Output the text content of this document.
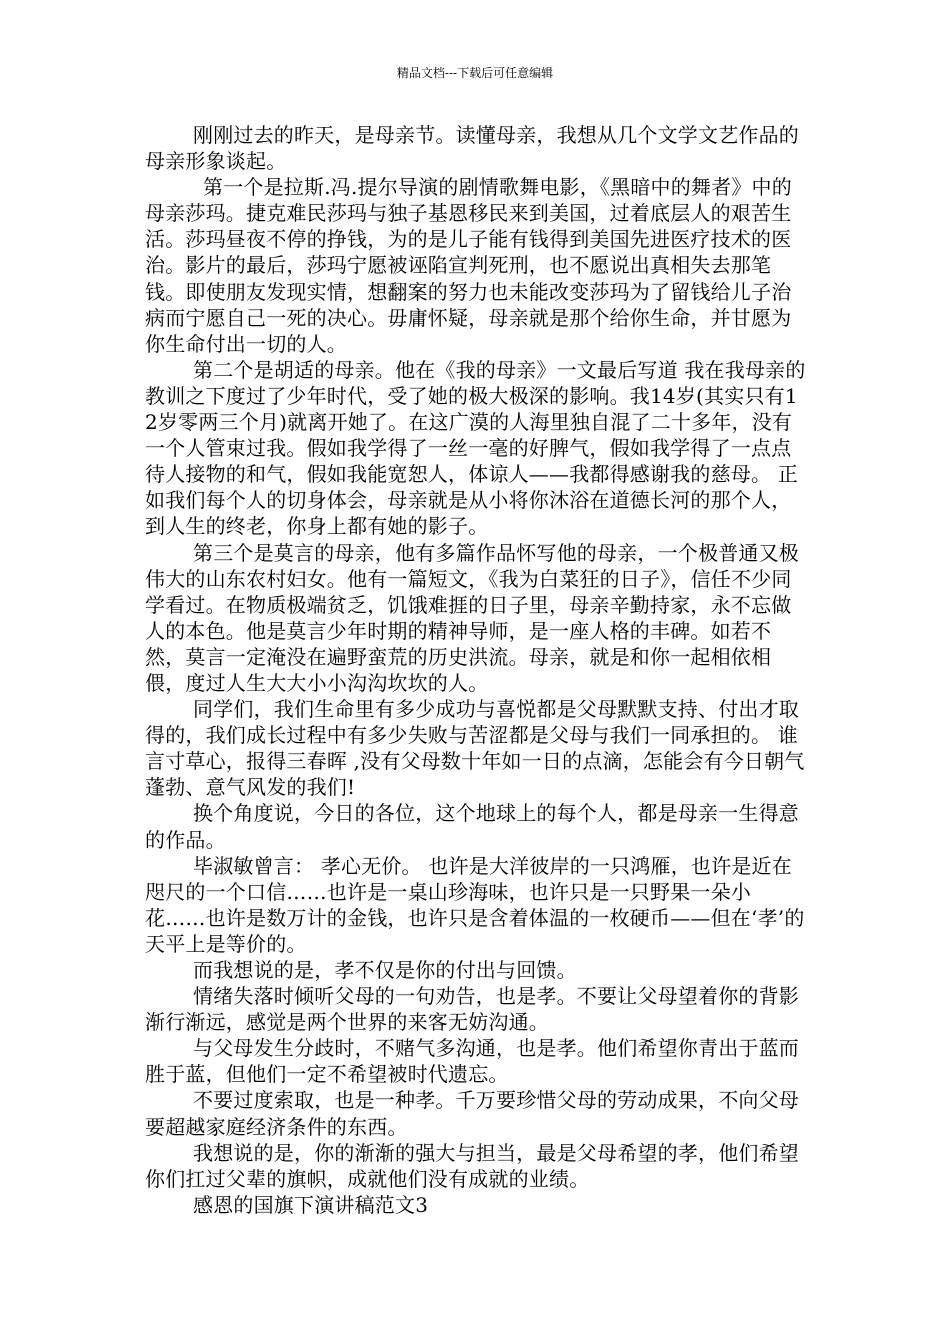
精品文档---下载后可任意编辑

刚刚过去的昨天，是母亲节。读懂母亲，我想从几个文学文艺作品的母亲形象谈起。

第一个是拉斯.冯.提尔导演的剧情歌舞电影，《黑暗中的舞者》中的母亲莎玛。捷克难民莎玛与独子基恩移民来到美国，过着底层人的艰苦生活。莎玛昼夜不停的挣钱，为的是儿子能有钱得到美国先进医疗技术的医治。影片的最后，莎玛宁愿被诬陷宣判死刑，也不愿说出真相失去那笔钱。即使朋友发现实情，想翻案的努力也未能改变莎玛为了留钱给儿子治病而宁愿自己一死的决心。毋庸怀疑，母亲就是那个给你生命，并甘愿为你生命付出一切的人。

第二个是胡适的母亲。他在《我的母亲》一文最后写道 我在我母亲的教训之下度过了少年时代，受了她的极大极深的影响。我14岁(其实只有12岁零两三个月)就离开她了。在这广漠的人海里独自混了二十多年，没有一个人管束过我。假如我学得了一丝一毫的好脾气，假如我学得了一点点待人接物的和气，假如我能宽恕人，体谅人——我都得感谢我的慈母。 正如我们每个人的切身体会，母亲就是从小将你沐浴在道德长河的那个人，到人生的终老，你身上都有她的影子。

第三个是莫言的母亲，他有多篇作品怀写他的母亲，一个极普通又极伟大的山东农村妇女。他有一篇短文，《我为白菜狂的日子》，信任不少同学看过。在物质极端贫乏，饥饿难捱的日子里，母亲辛勤持家，永不忘做人的本色。他是莫言少年时期的精神导师，是一座人格的丰碑。如若不然，莫言一定淹没在遍野蛮荒的历史洪流。母亲，就是和你一起相依相偎，度过人生大大小小沟沟坎坎的人。

同学们，我们生命里有多少成功与喜悦都是父母默默支持、付出才取得的，我们成长过程中有多少失败与苦涩都是父母与我们一同承担的。 谁言寸草心，报得三春晖 ,没有父母数十年如一日的点滴，怎能会有今日朝气蓬勃、意气风发的我们!

换个角度说，今日的各位，这个地球上的每个人，都是母亲一生得意的作品。

毕淑敏曾言： 孝心无价。 也许是大洋彼岸的一只鸿雁，也许是近在咫尺的一个口信……也许是一桌山珍海味，也许只是一只野果一朵小花……也许是数万计的金钱，也许只是含着体温的一枚硬币——但在‘孝’的天平上是等价的。

而我想说的是，孝不仅是你的付出与回馈。

情绪失落时倾听父母的一句劝告，也是孝。不要让父母望着你的背影渐行渐远，感觉是两个世界的来客无妨沟通。

与父母发生分歧时，不赌气多沟通，也是孝。他们希望你青出于蓝而胜于蓝，但他们一定不希望被时代遗忘。

不要过度索取，也是一种孝。千万要珍惜父母的劳动成果，不向父母要超越家庭经济条件的东西。

我想说的是，你的渐渐的强大与担当，最是父母希望的孝，他们希望你们扛过父辈的旗帜，成就他们没有成就的业绩。

感恩的国旗下演讲稿范文3
